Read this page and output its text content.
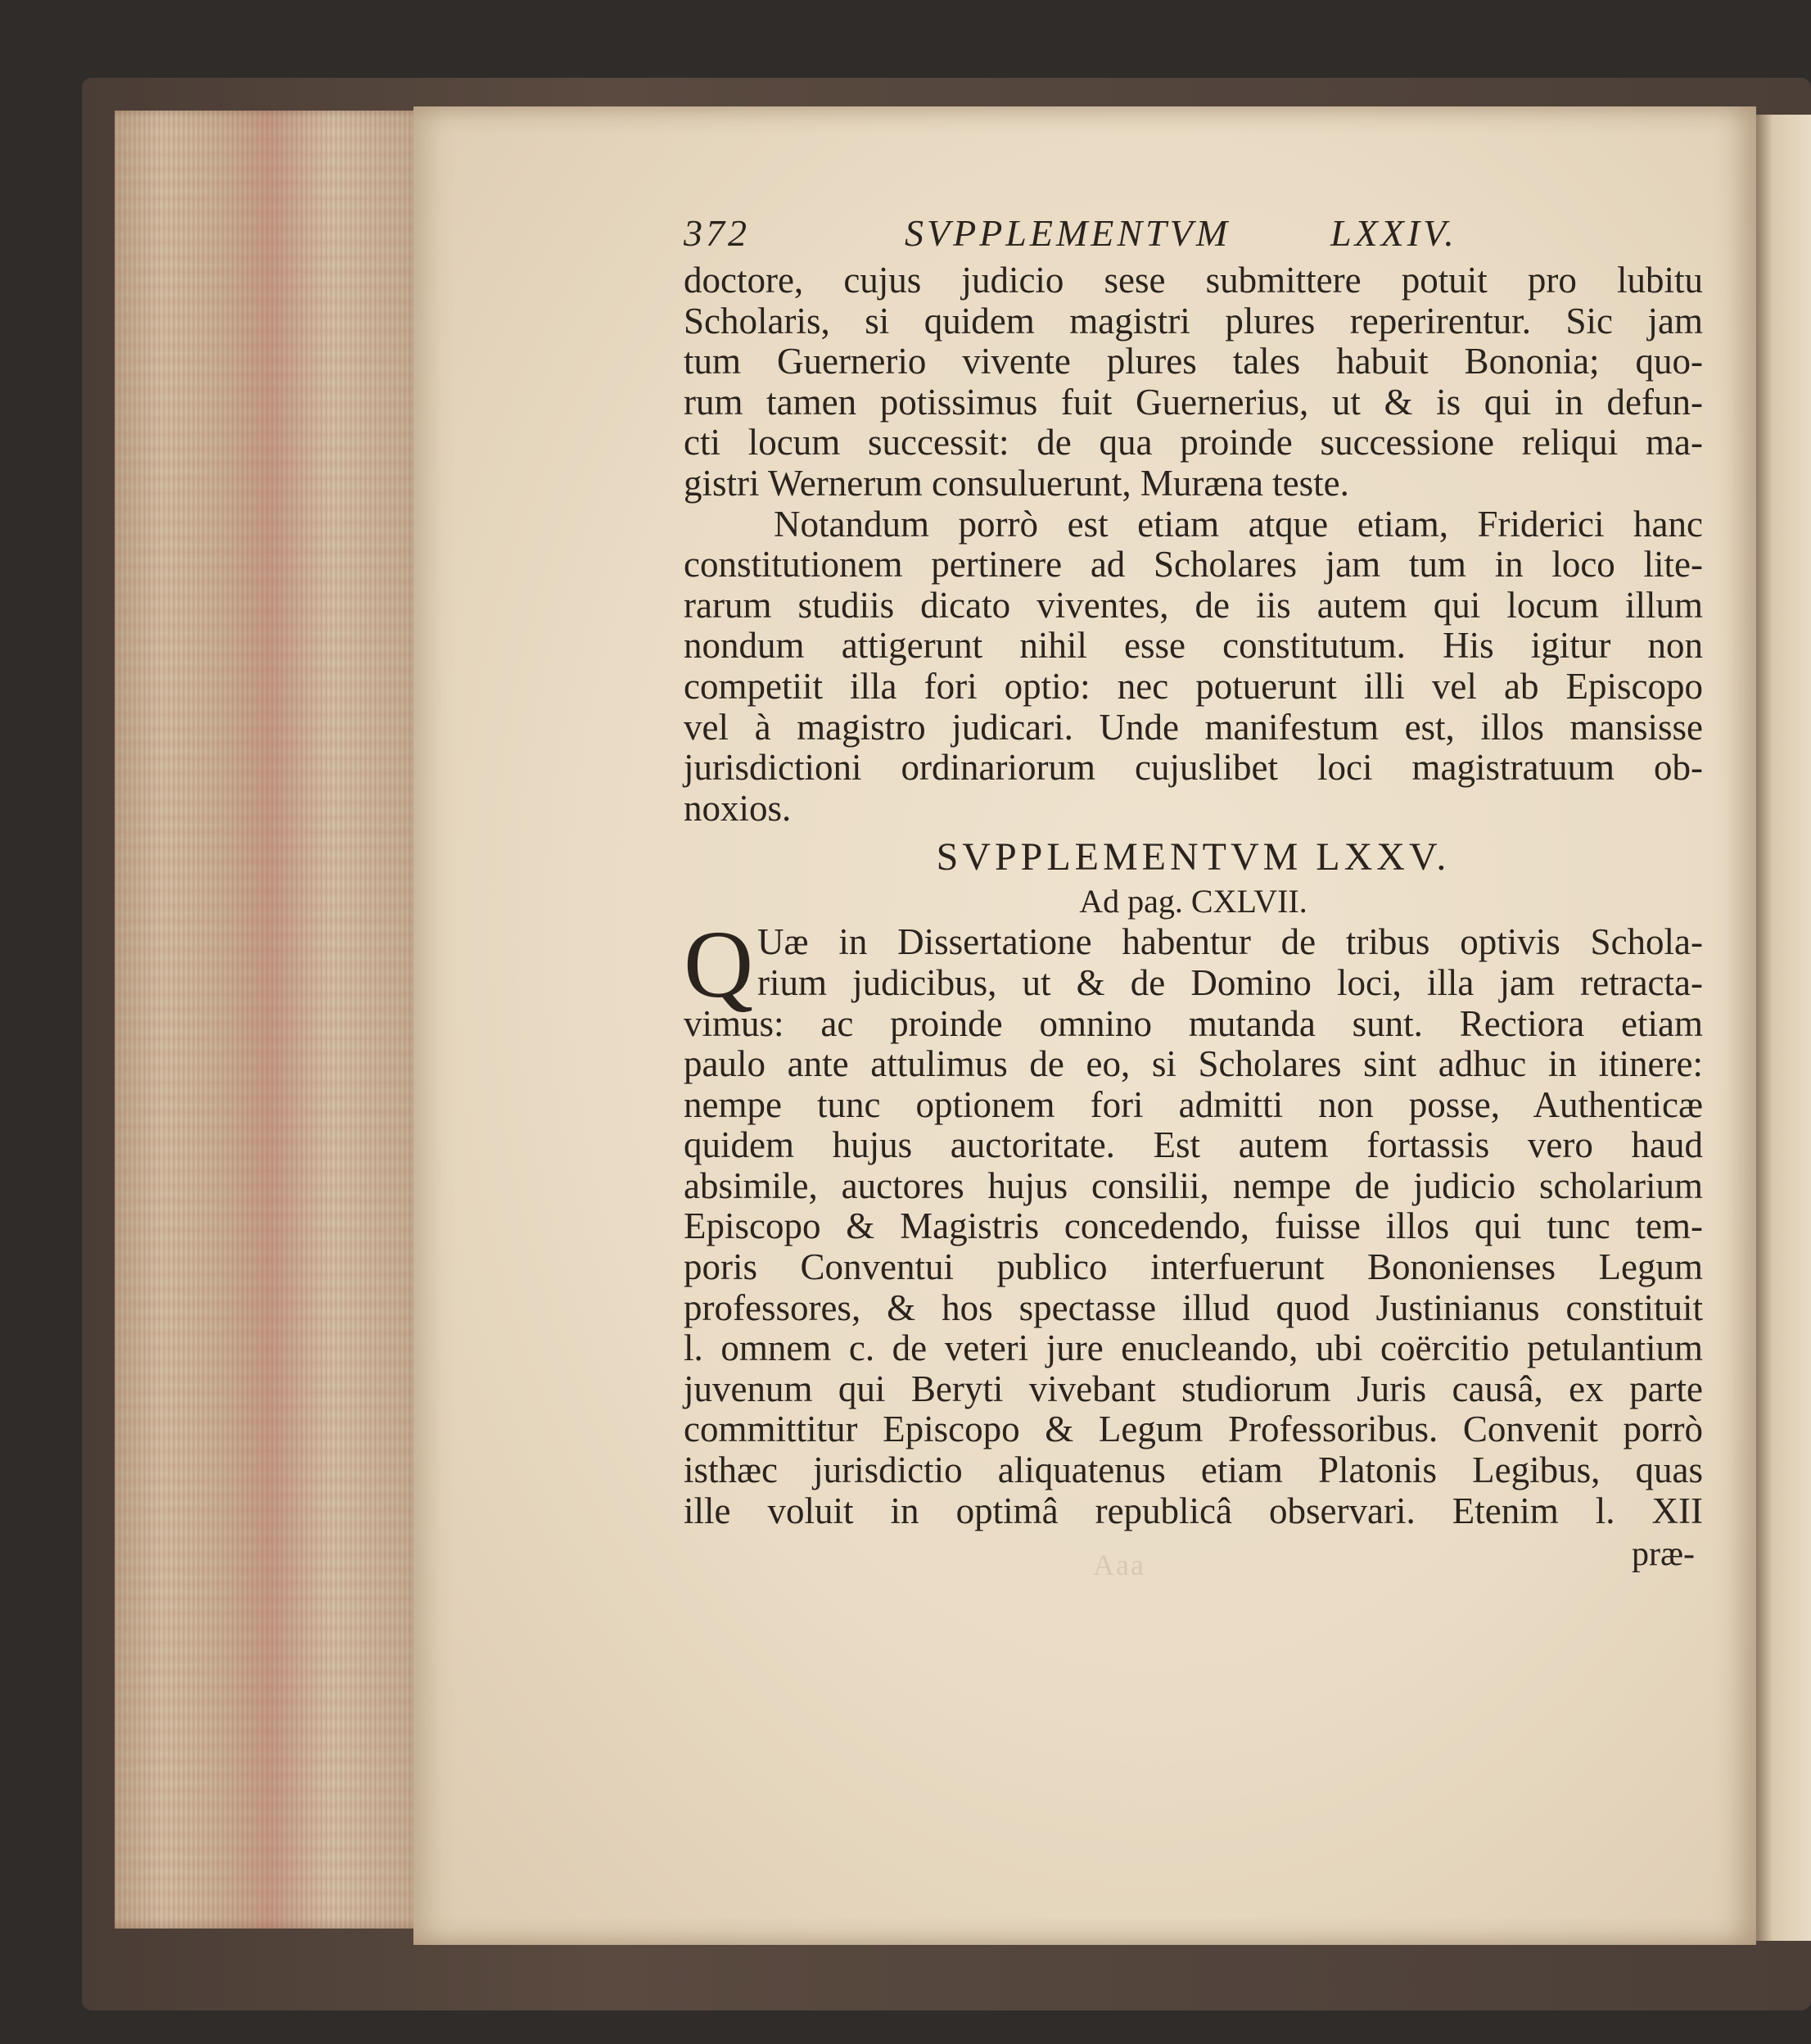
372	SVPPLEMENTVM	LXXIV.
doctore, cujus judicio sese submittere potuit pro lubitu
Scholaris, si quidem magistri plures reperirentur. Sic jam
tum Guernerio vivente plures tales habuit Bononia; quo-
rum tamen potissimus fuit Guernerius, ut & is qui in defun-
cti locum successit: de qua proinde successione reliqui ma-
gistri Wernerum consuluerunt, Muræna teste.
Notandum porrò est etiam atque etiam, Friderici hanc
constitutionem pertinere ad Scholares jam tum in loco lite-
rarum studiis dicato viventes, de iis autem qui locum illum
nondum attigerunt nihil esse constitutum. His igitur non
competiit illa fori optio: nec potuerunt illi vel ab Episcopo
vel à magistro judicari. Unde manifestum est, illos mansisse
jurisdictioni ordinariorum cujuslibet loci magistratuum ob-
noxios.
SVPPLEMENTVM LXXV.
Ad pag. CXLVII.
Q Uæ in Dissertatione habentur de tribus optivis Schola-
rium judicibus, ut & de Domino loci, illa jam retracta-
vimus: ac proinde omnino mutanda sunt. Rectiora etiam
paulo ante attulimus de eo, si Scholares sint adhuc in itinere:
nempe tunc optionem fori admitti non posse, Authenticæ
quidem hujus auctoritate. Est autem fortassis vero haud
absimile, auctores hujus consilii, nempe de judicio scholarium
Episcopo & Magistris concedendo, fuisse illos qui tunc tem-
poris Conventui publico interfuerunt Bononienses Legum
professores, & hos spectasse illud quod Justinianus constituit
l. omnem c. de veteri jure enucleando, ubi coërcitio petulantium
juvenum qui Beryti vivebant studiorum Juris causâ, ex parte
committitur Episcopo & Legum Professoribus. Convenit porrò
isthæc jurisdictio aliquatenus etiam Platonis Legibus, quas
ille voluit in optimâ republicâ observari. Etenim l. XII
Aaa	præ-
